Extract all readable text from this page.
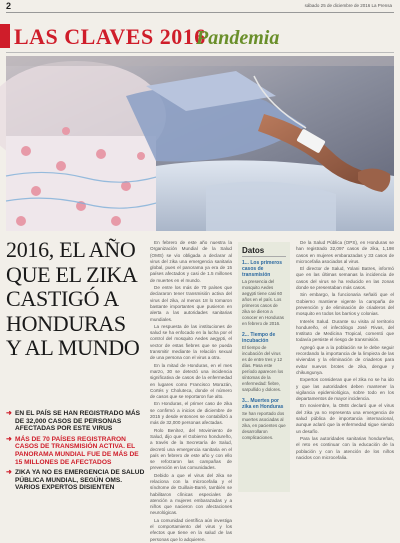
2	sábado 25 de diciembre de 2016 La Prensa
LAS CLAVES 2016
Pandemia
2016, EL AÑO
QUE EL ZIKA
CASTIGÓ A
HONDURAS
Y AL MUNDO
➜ EN EL PAÍS SE HAN REGISTRADO MÁS DE 32,000 CASOS DE PERSONAS AFECTADAS POR ESTE VIRUS
➜ MÁS DE 70 PAÍSES REGISTRARON CASOS DE TRANSMISIÓN ACTIVA. EL PANORAMA MUNDIAL FUE DE MÁS DE 15 MILLONES DE AFECTADOS
➜ ZIKA YA NO ES EMERGENCIA DE SALUD PÚBLICA MUNDIAL, SEGÚN OMS. VARIOS EXPERTOS DISIENTEN

En febrero de este año nuestra la Organización Mundial de la Salud (OMS) se vio obligada a declarar al virus del zika una emergencia sanitaria global, pues el panorama ya era de 15 países afectados y casi de 1.5 millones de muertes en el mundo.

De entre los más de 70 países que declararon tener transmisión activa del virus del zika, al menos 18 lo tomaron bastante importantes que pusieron en alerta a las autoridades sanitarias mundiales.

La respuesta de las instituciones de salud se ha enfocado en la lucha por el control del mosquito Aedes aegypti, el vector de estas fiebres que se pueda transmitir mediante la relación sexual de una persona con el virus a otra.

En la mitad de Honduras, en el mes marzo, 30 se detectó una incidencia significativa de casos de la enfermedad en lugares como Francisco Morazán, Cortés y Choluteca, donde el número de casos que se reportaron fue alto.

En Honduras, el primer caso de zika se confirmó a inicios de diciembre de 2015 y desde entonces se contabilizó a más de 32,000 personas afectadas.

Rolo Benítez, del Movimiento de Salud, dijo que el Gobierno hondureño, a través de la Secretaría de Salud, decretó una emergencia sanitaria en el país en febrero de este año y con ello se reforzaron las campañas de prevención en las comunidades.

Debido a que el virus del zika se relaciona con la microcefalia y el síndrome de Guillain-Barré, también se habilitaron clínicas especiales de atención a mujeres embarazadas y a niños que nacieron con afectaciones neurológicas.

La comunidad científica aún investiga el comportamiento del virus y los efectos que tiene en la salud de las personas que lo adquieren.

Datos
1... Los primeros casos de transmisión
La presencia del mosquito Aedes aegypti tiene casi 60 años en el país. Los primeros casos de zika se dieron a conocer en Honduras en febrero de 2016.
2... Tiempo de incubación
El tiempo de incubación del virus es de entre tres y 12 días. Pasa este período aparecen los síntomas de la enfermedad: fiebre, sarpullido y dolores.
3... Muertes por zika en Honduras
Se han reportado dos muertes asociadas al zika, en pacientes que desarrollaron complicaciones.

De la Salud Pública (OPS), en Honduras se han registrado 32,097 casos de zika, 1,198 casos en mujeres embarazadas y 33 casos de microcefalia asociados al virus.

El director de Salud, Yolani Batres, informó que en las últimas semanas la incidencia de casos del virus se ha reducido en las zonas donde se presentaban más casos.

Sin embargo, la funcionaria señaló que el Gobierno mantiene vigente la campaña de prevención y de eliminación de criaderos del mosquito en todos los barrios y colonias.

Interés Salud. Durante su visita al territorio hondureño, el infectólogo José Rivas, del Instituto de Medicina Tropical, comentó que todavía persiste el riesgo de transmisión.

Agregó que a la población se le debe seguir recordando la importancia de la limpieza de las viviendas y la eliminación de criaderos para evitar nuevos brotes de zika, dengue y chikungunya.

Expertos consideran que el zika no se ha ido y que las autoridades deben mantener la vigilancia epidemiológica, sobre todo en los departamentos de mayor incidencia.

En noviembre, la OMS declaró que el virus del zika ya no representa una emergencia de salud pública de importancia internacional, aunque aclaró que la enfermedad sigue siendo un desafío.

Para las autoridades sanitarias hondureñas, el reto es continuar con la educación de la población y con la atención de los niños nacidos con microcefalia.
